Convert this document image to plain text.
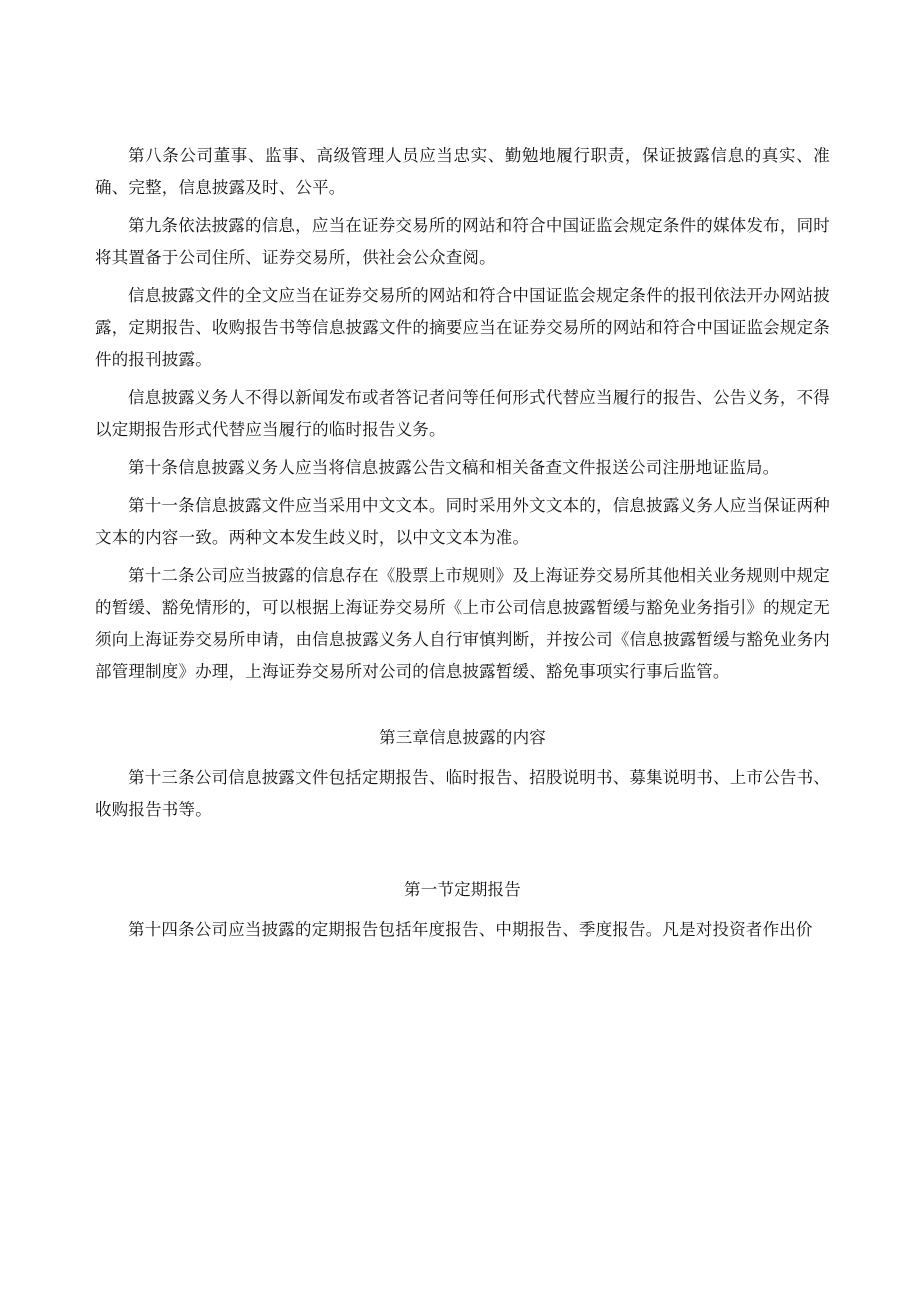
第八条公司董事、监事、高级管理人员应当忠实、勤勉地履行职责，保证披露信息的真实、准确、完整，信息披露及时、公平。

第九条依法披露的信息，应当在证券交易所的网站和符合中国证监会规定条件的媒体发布，同时将其置备于公司住所、证券交易所，供社会公众查阅。

信息披露文件的全文应当在证券交易所的网站和符合中国证监会规定条件的报刊依法开办网站披露，定期报告、收购报告书等信息披露文件的摘要应当在证券交易所的网站和符合中国证监会规定条件的报刊披露。

信息披露义务人不得以新闻发布或者答记者问等任何形式代替应当履行的报告、公告义务，不得以定期报告形式代替应当履行的临时报告义务。

第十条信息披露义务人应当将信息披露公告文稿和相关备查文件报送公司注册地证监局。

第十一条信息披露文件应当采用中文文本。同时采用外文文本的，信息披露义务人应当保证两种文本的内容一致。两种文本发生歧义时，以中文文本为准。

第十二条公司应当披露的信息存在《股票上市规则》及上海证券交易所其他相关业务规则中规定的暂缓、豁免情形的，可以根据上海证券交易所《上市公司信息披露暂缓与豁免业务指引》的规定无须向上海证券交易所申请，由信息披露义务人自行审慎判断，并按公司《信息披露暂缓与豁免业务内部管理制度》办理，上海证券交易所对公司的信息披露暂缓、豁免事项实行事后监管。

第三章信息披露的内容

第十三条公司信息披露文件包括定期报告、临时报告、招股说明书、募集说明书、上市公告书、收购报告书等。

第一节定期报告

第十四条公司应当披露的定期报告包括年度报告、中期报告、季度报告。凡是对投资者作出价
